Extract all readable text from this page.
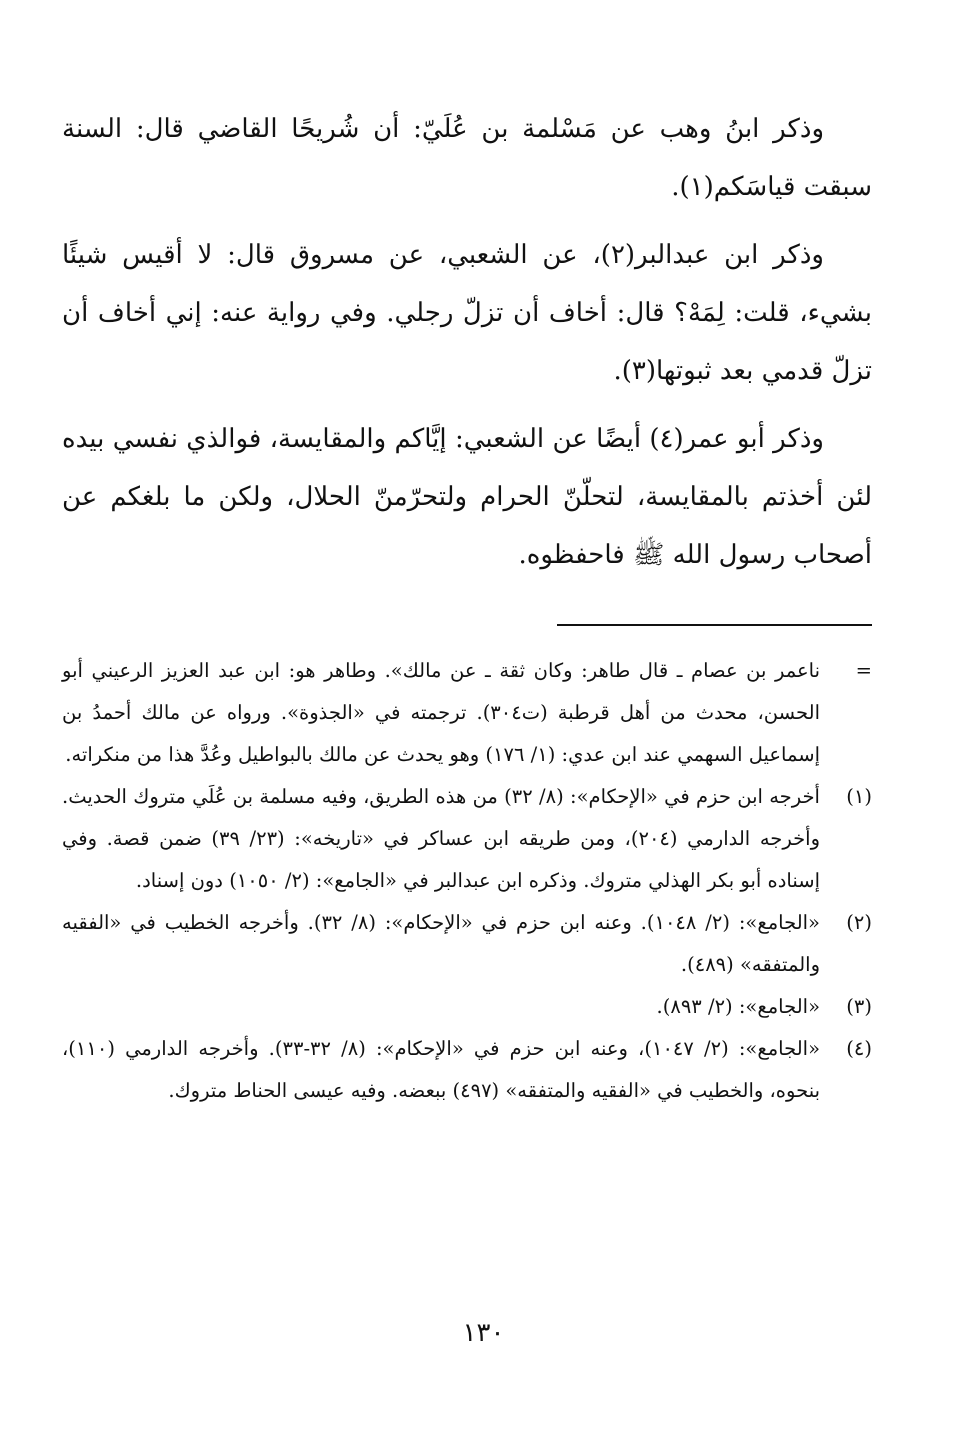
وذكر ابنُ وهب عن مَسْلمة بن عُلَيّ: أن شُريحًا القاضي قال: السنة سبقت قياسَكم(١).

وذكر ابن عبدالبر(٢)، عن الشعبي، عن مسروق قال: لا أقيس شيئًا بشيء، قلت: لِمَهْ؟ قال: أخاف أن تزلّ رجلي. وفي رواية عنه: إني أخاف أن تزلّ قدمي بعد ثبوتها(٣).

وذكر أبو عمر(٤) أيضًا عن الشعبي: إيَّاكم والمقايسة، فوالذي نفسي بيده لئن أخذتم بالمقايسة، لتحلّنّ الحرام ولتحرّمنّ الحلال، ولكن ما بلغكم عن أصحاب رسول الله ﷺ فاحفظوه.

=
ناعمر بن عصام ـ قال طاهر: وكان ثقة ـ عن مالك». وطاهر هو: ابن عبد العزيز الرعيني أبو الحسن، محدث من أهل قرطبة (ت٣٠٤). ترجمته في «الجذوة». ورواه عن مالك أحمدُ بن إسماعيل السهمي عند ابن عدي: (١/ ١٧٦) وهو يحدث عن مالك بالبواطيل وعُدَّ هذا من منكراته.
(١)
أخرجه ابن حزم في «الإحكام»: (٨/ ٣٢) من هذه الطريق، وفيه مسلمة بن عُلَي متروك الحديث. وأخرجه الدارمي (٢٠٤)، ومن طريقه ابن عساكر في «تاريخه»: (٢٣/ ٣٩) ضمن قصة. وفي إسناده أبو بكر الهذلي متروك. وذكره ابن عبدالبر في «الجامع»: (٢/ ١٠٥٠) دون إسناد.
(٢)
«الجامع»: (٢/ ١٠٤٨). وعنه ابن حزم في «الإحكام»: (٨/ ٣٢). وأخرجه الخطيب في «الفقيه والمتفقه» (٤٨٩).
(٣)
«الجامع»: (٢/ ٨٩٣).
(٤)
«الجامع»: (٢/ ١٠٤٧)، وعنه ابن حزم في «الإحكام»: (٨/ ٣٢-٣٣). وأخرجه الدارمي (١١٠)، بنحوه، والخطيب في «الفقيه والمتفقه» (٤٩٧) ببعضه. وفيه عيسى الحناط متروك.
١٣٠
